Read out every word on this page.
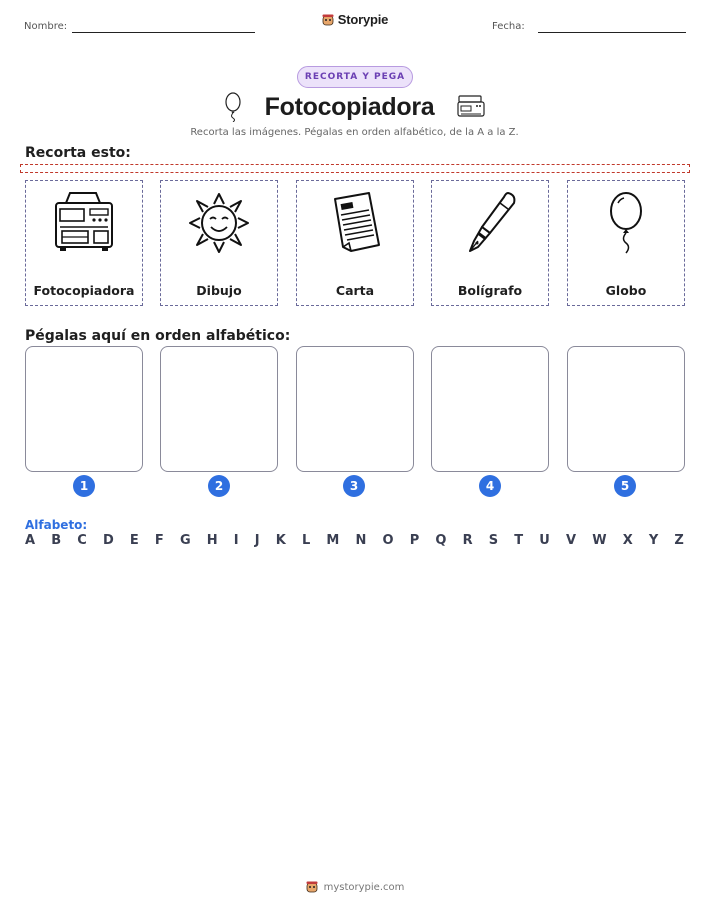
Nombre:	Storypie	Fecha:
RECORTA Y PEGA
Fotocopiadora
Recorta las imágenes. Pégalas en orden alfabético, de la A a la Z.
Recorta esto:
Fotocopiadora	Dibujo	Carta	Bolígrafo	Globo
Pégalas aquí en orden alfabético:
1	2	3	4	5
Alfabeto:
A B C D E F G H I J K L M N O P Q R S T U V W X Y Z
mystorypie.com
